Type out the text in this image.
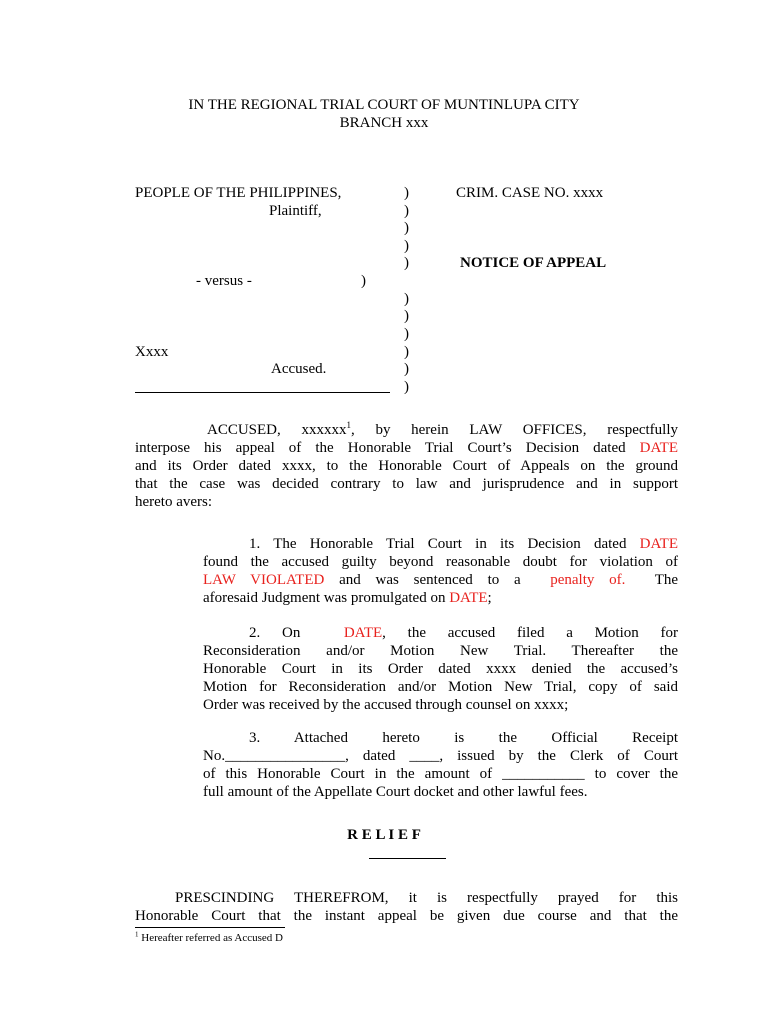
IN THE REGIONAL TRIAL COURT OF MUNTINLUPA CITY
BRANCH xxx
PEOPLE OF THE PHILIPPINES,
Plaintiff,
- versus -	)
Xxxx
Accused.
)
)
)
)
)
)
)
)
)
)
)
CRIM. CASE NO. xxxx
NOTICE OF APPEAL
ACCUSED, xxxxxx$^1$, by herein LAW OFFICES, respectfully
interpose his appeal of the Honorable Trial Court’s Decision dated DATE
and its Order dated xxxx, to the Honorable Court of Appeals on the ground
that the case was decided contrary to law and jurisprudence and in support
hereto avers:
1. The Honorable Trial Court in its Decision dated DATE
found the accused guilty beyond reasonable doubt for violation of
LAW VIOLATED and was sentenced to a penalty of. The
aforesaid Judgment was promulgated on DATE;
2. On	DATE, the accused filed a Motion for
Reconsideration and/or Motion New Trial. Thereafter the
Honorable Court in its Order dated xxxx denied the accused’s
Motion for Reconsideration and/or Motion New Trial, copy of said
Order was received by the accused through counsel on xxxx;
3. Attached hereto is the Official Receipt
No.________________, dated ____, issued by the Clerk of Court
of this Honorable Court in the amount of ___________ to cover the
full amount of the Appellate Court docket and other lawful fees.
R E L I E F
PRESCINDING THEREFROM, it is respectfully prayed for this
Honorable Court that the instant appeal be given due course and that the
$^1$ Hereafter referred as Accused D
